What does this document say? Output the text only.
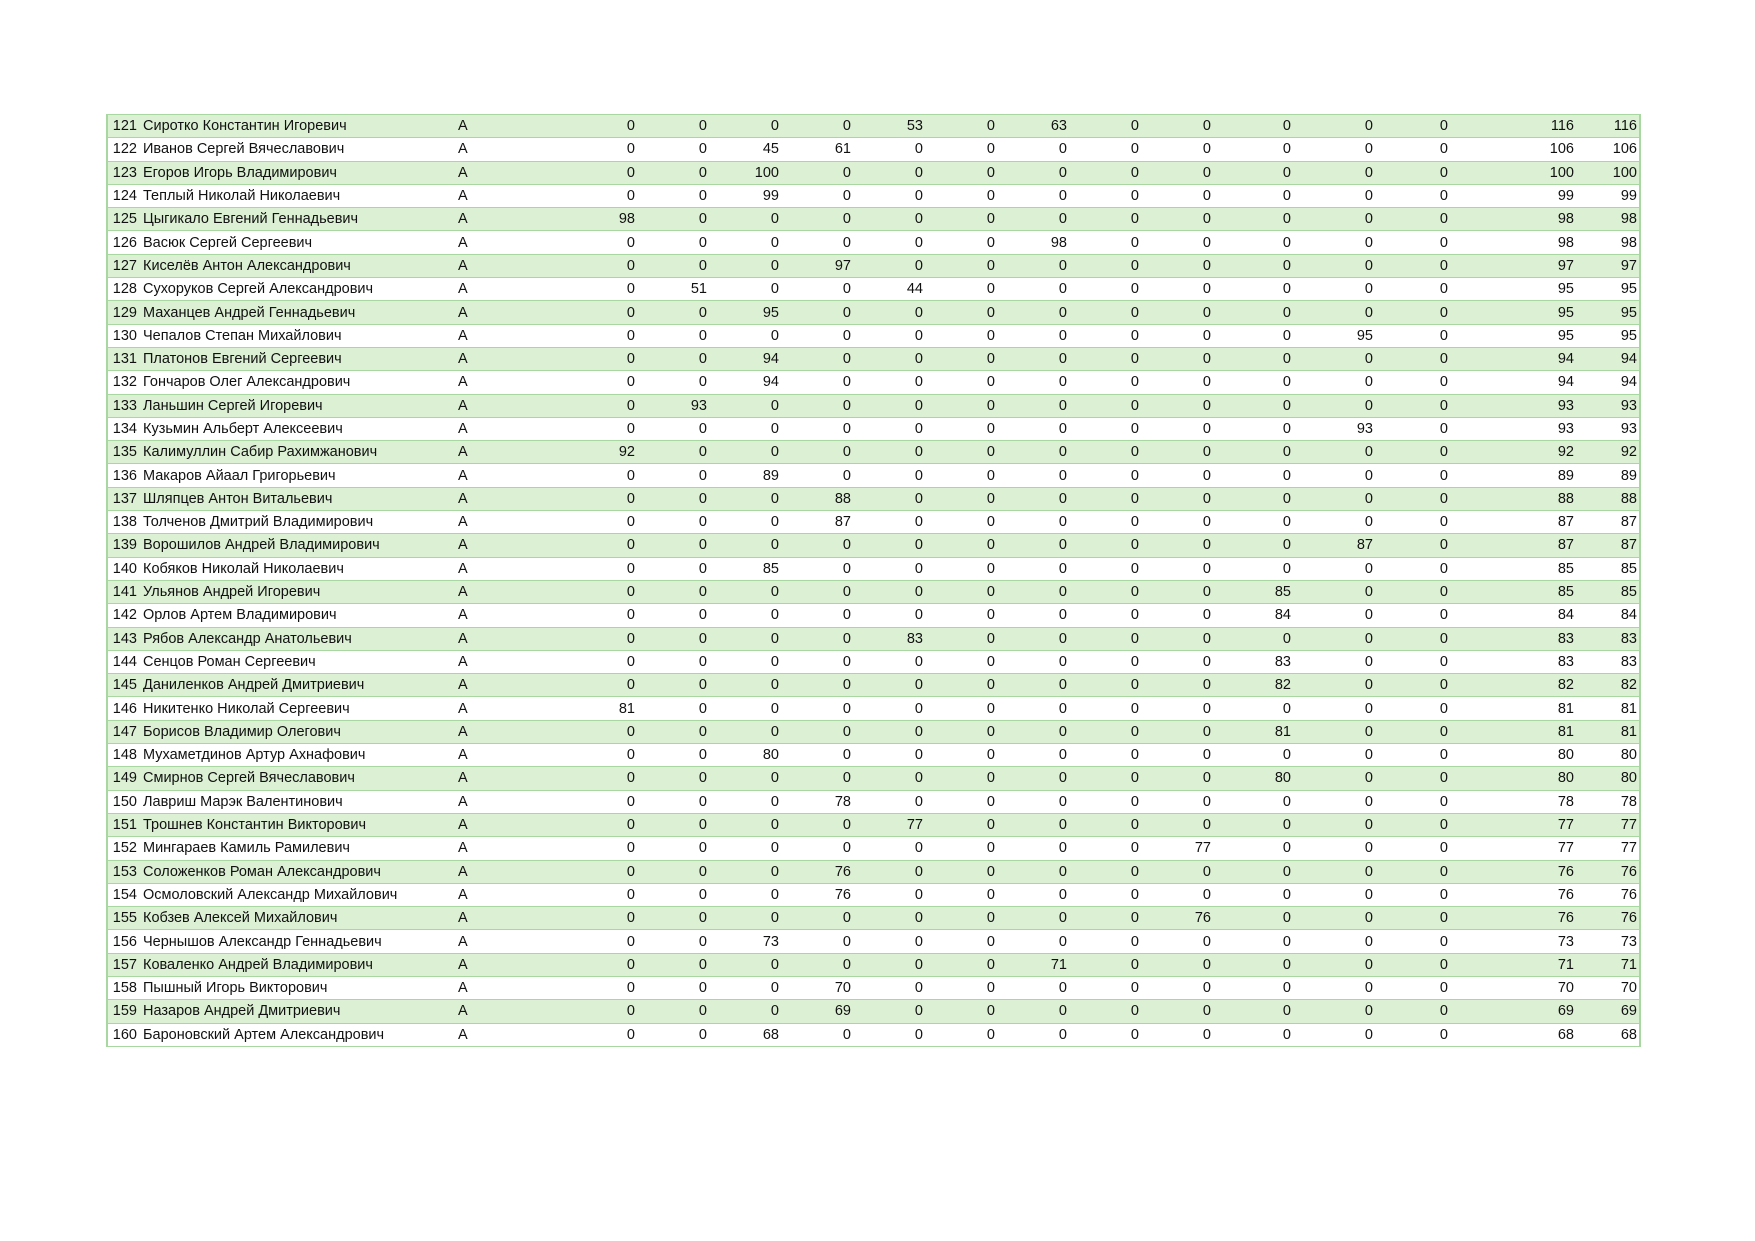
121	Сиротко Константин Игоревич	A	0	0	0	0	53	0	63	0	0	0	0	0	116	116
122	Иванов Сергей Вячеславович	A	0	0	45	61	0	0	0	0	0	0	0	0	106	106
123	Егоров Игорь Владимирович	A	0	0	100	0	0	0	0	0	0	0	0	0	100	100
124	Теплый Николай Николаевич	A	0	0	99	0	0	0	0	0	0	0	0	0	99	99
125	Цыгикало Евгений Геннадьевич	A	98	0	0	0	0	0	0	0	0	0	0	0	98	98
126	Васюк Сергей Сергеевич	A	0	0	0	0	0	0	98	0	0	0	0	0	98	98
127	Киселёв Антон Александрович	A	0	0	0	97	0	0	0	0	0	0	0	0	97	97
128	Сухоруков Сергей Александрович	A	0	51	0	0	44	0	0	0	0	0	0	0	95	95
129	Маханцев Андрей Геннадьевич	A	0	0	95	0	0	0	0	0	0	0	0	0	95	95
130	Чепалов Степан Михайлович	A	0	0	0	0	0	0	0	0	0	0	95	0	95	95
131	Платонов Евгений Сергеевич	A	0	0	94	0	0	0	0	0	0	0	0	0	94	94
132	Гончаров Олег Александрович	A	0	0	94	0	0	0	0	0	0	0	0	0	94	94
133	Ланьшин Сергей Игоревич	A	0	93	0	0	0	0	0	0	0	0	0	0	93	93
134	Кузьмин Альберт Алексеевич	A	0	0	0	0	0	0	0	0	0	0	93	0	93	93
135	Калимуллин Сабир Рахимжанович	A	92	0	0	0	0	0	0	0	0	0	0	0	92	92
136	Макаров Айаал Григорьевич	A	0	0	89	0	0	0	0	0	0	0	0	0	89	89
137	Шляпцев Антон Витальевич	A	0	0	0	88	0	0	0	0	0	0	0	0	88	88
138	Толченов Дмитрий Владимирович	A	0	0	0	87	0	0	0	0	0	0	0	0	87	87
139	Ворошилов Андрей Владимирович	A	0	0	0	0	0	0	0	0	0	0	87	0	87	87
140	Кобяков Николай Николаевич	A	0	0	85	0	0	0	0	0	0	0	0	0	85	85
141	Ульянов Андрей Игоревич	A	0	0	0	0	0	0	0	0	0	85	0	0	85	85
142	Орлов Артем Владимирович	A	0	0	0	0	0	0	0	0	0	84	0	0	84	84
143	Рябов Александр Анатольевич	A	0	0	0	0	83	0	0	0	0	0	0	0	83	83
144	Сенцов Роман Сергеевич	A	0	0	0	0	0	0	0	0	0	83	0	0	83	83
145	Даниленков Андрей Дмитриевич	A	0	0	0	0	0	0	0	0	0	82	0	0	82	82
146	Никитенко Николай Сергеевич	A	81	0	0	0	0	0	0	0	0	0	0	0	81	81
147	Борисов Владимир Олегович	A	0	0	0	0	0	0	0	0	0	81	0	0	81	81
148	Мухаметдинов Артур Ахнафович	A	0	0	80	0	0	0	0	0	0	0	0	0	80	80
149	Смирнов Сергей Вячеславович	A	0	0	0	0	0	0	0	0	0	80	0	0	80	80
150	Лавриш Марэк Валентинович	A	0	0	0	78	0	0	0	0	0	0	0	0	78	78
151	Трошнев Константин Викторович	A	0	0	0	0	77	0	0	0	0	0	0	0	77	77
152	Мингараев Камиль Рамилевич	A	0	0	0	0	0	0	0	0	77	0	0	0	77	77
153	Соложенков Роман Александрович	A	0	0	0	76	0	0	0	0	0	0	0	0	76	76
154	Осмоловский Александр Михайлович	A	0	0	0	76	0	0	0	0	0	0	0	0	76	76
155	Кобзев Алексей Михайлович	A	0	0	0	0	0	0	0	0	76	0	0	0	76	76
156	Чернышов Александр Геннадьевич	A	0	0	73	0	0	0	0	0	0	0	0	0	73	73
157	Коваленко Андрей Владимирович	A	0	0	0	0	0	0	71	0	0	0	0	0	71	71
158	Пышный Игорь Викторович	A	0	0	0	70	0	0	0	0	0	0	0	0	70	70
159	Назаров Андрей Дмитриевич	A	0	0	0	69	0	0	0	0	0	0	0	0	69	69
160	Бароновский Артем Александрович	A	0	0	68	0	0	0	0	0	0	0	0	0	68	68
